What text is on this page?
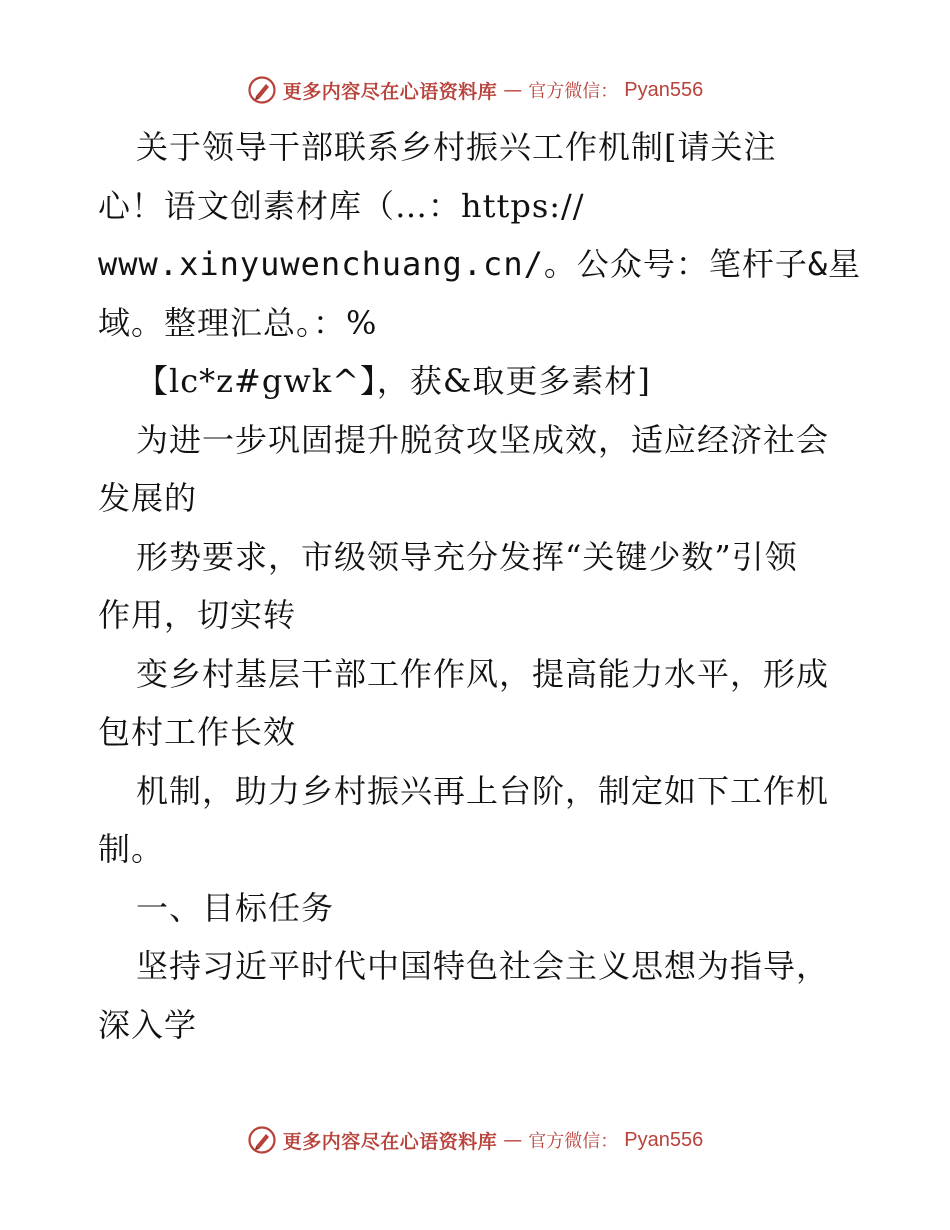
更多内容尽在心语资料库 — 官方微信： Pyan556
关于领导干部联系乡村振兴工作机制[请关注
心！语文创素材库（…：https://
www.xinyuwenchuang.cn/。公众号：笔杆子&星
域。整理汇总。：%
【lc*z#gwk^】，获&取更多素材]
为进一步巩固提升脱贫攻坚成效，适应经济社会
发展的
形势要求，市级领导充分发挥“关键少数”引领
作用，切实转
变乡村基层干部工作作风，提高能力水平，形成
包村工作长效
机制，助力乡村振兴再上台阶，制定如下工作机
制。
一、目标任务
坚持习近平时代中国特色社会主义思想为指导，
深入学
更多内容尽在心语资料库 — 官方微信： Pyan556
